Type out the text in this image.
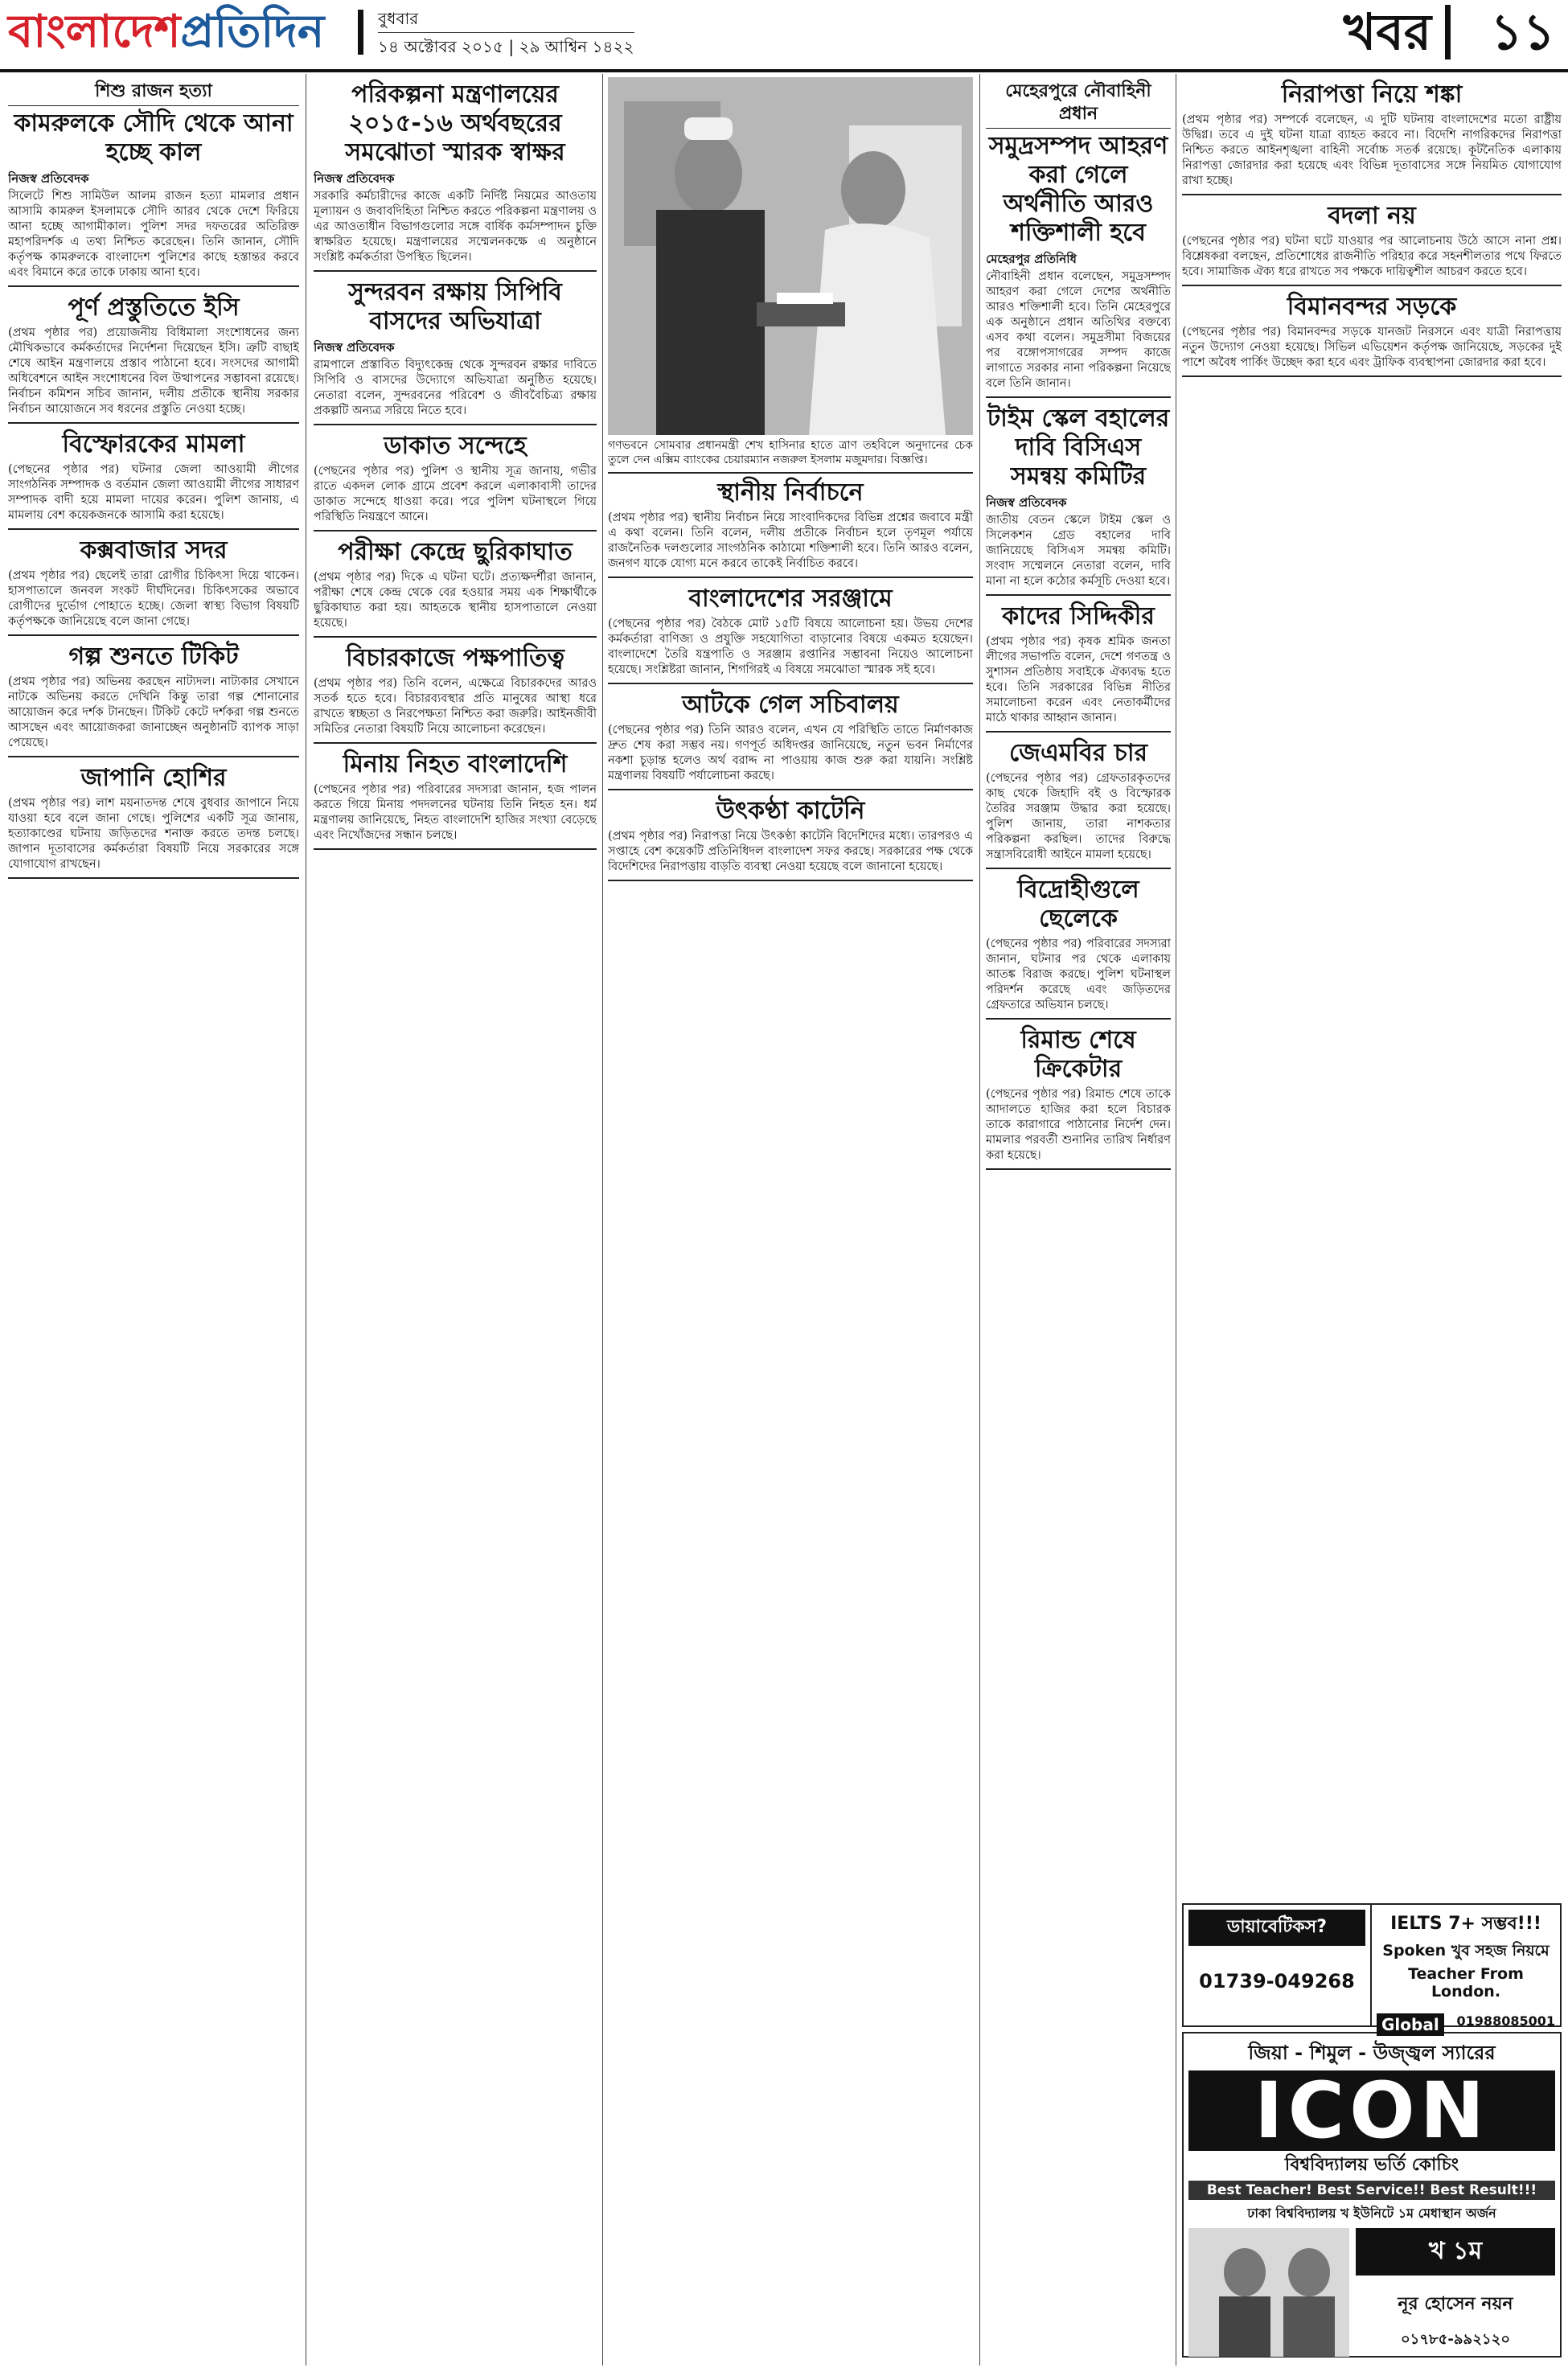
বাংলাদেশপ্রতিদিন	বুধবার
১৪ অক্টোবর ২০১৫ | ২৯ আশ্বিন ১৪২২	খবর ১১
শিশু রাজন হত্যা
কামরুলকে সৌদি থেকে আনা হচ্ছে কাল
নিজস্ব প্রতিবেদক

সিলেটে শিশু সামিউল আলম রাজন হত্যা মামলার প্রধান আসামি কামরুল ইসলামকে সৌদি আরব থেকে দেশে ফিরিয়ে আনা হচ্ছে আগামীকাল। পুলিশ সদর দফতরের অতিরিক্ত মহাপরিদর্শক এ তথ্য নিশ্চিত করেছেন। তিনি জানান, সৌদি কর্তৃপক্ষ কামরুলকে বাংলাদেশ পুলিশের কাছে হস্তান্তর করবে এবং বিমানে করে তাকে ঢাকায় আনা হবে।

পূর্ণ প্রস্তুতিতে ইসি

(প্রথম পৃষ্ঠার পর) প্রয়োজনীয় বিধিমালা সংশোধনের জন্য মৌখিকভাবে কর্মকর্তাদের নির্দেশনা দিয়েছেন ইসি। ত্রুটি বাছাই শেষে আইন মন্ত্রণালয়ে প্রস্তাব পাঠানো হবে। সংসদের আগামী অধিবেশনে আইন সংশোধনের বিল উত্থাপনের সম্ভাবনা রয়েছে। নির্বাচন কমিশন সচিব জানান, দলীয় প্রতীকে স্থানীয় সরকার নির্বাচন আয়োজনে সব ধরনের প্রস্তুতি নেওয়া হচ্ছে।

বিস্ফোরকের মামলা

(পেছনের পৃষ্ঠার পর) ঘটনার জেলা আওয়ামী লীগের সাংগঠনিক সম্পাদক ও বর্তমান জেলা আওয়ামী লীগের সাধারণ সম্পাদক বাদী হয়ে মামলা দায়ের করেন। পুলিশ জানায়, এ মামলায় বেশ কয়েকজনকে আসামি করা হয়েছে।

কক্সবাজার সদর

(প্রথম পৃষ্ঠার পর) ছেলেই তারা রোগীর চিকিৎসা দিয়ে থাকেন। হাসপাতালে জনবল সংকট দীর্ঘদিনের। চিকিৎসকের অভাবে রোগীদের দুর্ভোগ পোহাতে হচ্ছে। জেলা স্বাস্থ্য বিভাগ বিষয়টি কর্তৃপক্ষকে জানিয়েছে বলে জানা গেছে।

গল্প শুনতে টিকিট

(প্রথম পৃষ্ঠার পর) অভিনয় করছেন নাট্যদল। নাট্যকার সেখানে নাটকে অভিনয় করতে দেখিনি কিন্তু তারা গল্প শোনানোর আয়োজন করে দর্শক টানছেন। টিকিট কেটে দর্শকরা গল্প শুনতে আসছেন এবং আয়োজকরা জানাচ্ছেন অনুষ্ঠানটি ব্যাপক সাড়া পেয়েছে।

জাপানি হোশির

(প্রথম পৃষ্ঠার পর) লাশ ময়নাতদন্ত শেষে বুধবার জাপানে নিয়ে যাওয়া হবে বলে জানা গেছে। পুলিশের একটি সূত্র জানায়, হত্যাকাণ্ডের ঘটনায় জড়িতদের শনাক্ত করতে তদন্ত চলছে। জাপান দূতাবাসের কর্মকর্তারা বিষয়টি নিয়ে সরকারের সঙ্গে যোগাযোগ রাখছেন।

পরিকল্পনা মন্ত্রণালয়ের ২০১৫-১৬ অর্থবছরের সমঝোতা স্মারক স্বাক্ষর
নিজস্ব প্রতিবেদক

সরকারি কর্মচারীদের কাজে একটি নির্দিষ্ট নিয়মের আওতায় মূল্যায়ন ও জবাবদিহিতা নিশ্চিত করতে পরিকল্পনা মন্ত্রণালয় ও এর আওতাধীন বিভাগগুলোর সঙ্গে বার্ষিক কর্মসম্পাদন চুক্তি স্বাক্ষরিত হয়েছে। মন্ত্রণালয়ের সম্মেলনকক্ষে এ অনুষ্ঠানে সংশ্লিষ্ট কর্মকর্তারা উপস্থিত ছিলেন।

সুন্দরবন রক্ষায় সিপিবি বাসদের অভিযাত্রা
নিজস্ব প্রতিবেদক

রামপালে প্রস্তাবিত বিদ্যুৎকেন্দ্র থেকে সুন্দরবন রক্ষার দাবিতে সিপিবি ও বাসদের উদ্যোগে অভিযাত্রা অনুষ্ঠিত হয়েছে। নেতারা বলেন, সুন্দরবনের পরিবেশ ও জীববৈচিত্র্য রক্ষায় প্রকল্পটি অন্যত্র সরিয়ে নিতে হবে।

ডাকাত সন্দেহে

(পেছনের পৃষ্ঠার পর) পুলিশ ও স্থানীয় সূত্র জানায়, গভীর রাতে একদল লোক গ্রামে প্রবেশ করলে এলাকাবাসী তাদের ডাকাত সন্দেহে ধাওয়া করে। পরে পুলিশ ঘটনাস্থলে গিয়ে পরিস্থিতি নিয়ন্ত্রণে আনে।

পরীক্ষা কেন্দ্রে ছুরিকাঘাত

(প্রথম পৃষ্ঠার পর) দিকে এ ঘটনা ঘটে। প্রত্যক্ষদর্শীরা জানান, পরীক্ষা শেষে কেন্দ্র থেকে বের হওয়ার সময় এক শিক্ষার্থীকে ছুরিকাঘাত করা হয়। আহতকে স্থানীয় হাসপাতালে নেওয়া হয়েছে।

বিচারকাজে পক্ষপাতিত্ব

(প্রথম পৃষ্ঠার পর) তিনি বলেন, এক্ষেত্রে বিচারকদের আরও সতর্ক হতে হবে। বিচারব্যবস্থার প্রতি মানুষের আস্থা ধরে রাখতে স্বচ্ছতা ও নিরপেক্ষতা নিশ্চিত করা জরুরি। আইনজীবী সমিতির নেতারা বিষয়টি নিয়ে আলোচনা করেছেন।

মিনায় নিহত বাংলাদেশি

(পেছনের পৃষ্ঠার পর) পরিবারের সদস্যরা জানান, হজ পালন করতে গিয়ে মিনায় পদদলনের ঘটনায় তিনি নিহত হন। ধর্ম মন্ত্রণালয় জানিয়েছে, নিহত বাংলাদেশি হাজির সংখ্যা বেড়েছে এবং নিখোঁজদের সন্ধান চলছে।

গণভবনে সোমবার প্রধানমন্ত্রী শেখ হাসিনার হাতে ত্রাণ তহবিলে অনুদানের চেক তুলে দেন এক্সিম ব্যাংকের চেয়ারম্যান নজরুল ইসলাম মজুমদার। বিজ্ঞপ্তি।
স্থানীয় নির্বাচনে

(প্রথম পৃষ্ঠার পর) স্থানীয় নির্বাচন নিয়ে সাংবাদিকদের বিভিন্ন প্রশ্নের জবাবে মন্ত্রী এ কথা বলেন। তিনি বলেন, দলীয় প্রতীকে নির্বাচন হলে তৃণমূল পর্যায়ে রাজনৈতিক দলগুলোর সাংগঠনিক কাঠামো শক্তিশালী হবে। তিনি আরও বলেন, জনগণ যাকে যোগ্য মনে করবে তাকেই নির্বাচিত করবে।

বাংলাদেশের সরঞ্জামে

(পেছনের পৃষ্ঠার পর) বৈঠকে মোট ১৫টি বিষয়ে আলোচনা হয়। উভয় দেশের কর্মকর্তারা বাণিজ্য ও প্রযুক্তি সহযোগিতা বাড়ানোর বিষয়ে একমত হয়েছেন। বাংলাদেশে তৈরি যন্ত্রপাতি ও সরঞ্জাম রপ্তানির সম্ভাবনা নিয়েও আলোচনা হয়েছে। সংশ্লিষ্টরা জানান, শিগগিরই এ বিষয়ে সমঝোতা স্মারক সই হবে।

আটকে গেল সচিবালয়

(পেছনের পৃষ্ঠার পর) তিনি আরও বলেন, এখন যে পরিস্থিতি তাতে নির্মাণকাজ দ্রুত শেষ করা সম্ভব নয়। গণপূর্ত অধিদপ্তর জানিয়েছে, নতুন ভবন নির্মাণের নকশা চূড়ান্ত হলেও অর্থ বরাদ্দ না পাওয়ায় কাজ শুরু করা যায়নি। সংশ্লিষ্ট মন্ত্রণালয় বিষয়টি পর্যালোচনা করছে।

উৎকণ্ঠা কাটেনি

(প্রথম পৃষ্ঠার পর) নিরাপত্তা নিয়ে উৎকণ্ঠা কাটেনি বিদেশিদের মধ্যে। তারপরও এ সপ্তাহে বেশ কয়েকটি প্রতিনিধিদল বাংলাদেশ সফর করছে। সরকারের পক্ষ থেকে বিদেশিদের নিরাপত্তায় বাড়তি ব্যবস্থা নেওয়া হয়েছে বলে জানানো হয়েছে।

মেহেরপুরে নৌবাহিনী প্রধান
সমুদ্রসম্পদ আহরণ করা গেলে অর্থনীতি আরও শক্তিশালী হবে
মেহেরপুর প্রতিনিধি

নৌবাহিনী প্রধান বলেছেন, সমুদ্রসম্পদ আহরণ করা গেলে দেশের অর্থনীতি আরও শক্তিশালী হবে। তিনি মেহেরপুরে এক অনুষ্ঠানে প্রধান অতিথির বক্তব্যে এসব কথা বলেন। সমুদ্রসীমা বিজয়ের পর বঙ্গোপসাগরের সম্পদ কাজে লাগাতে সরকার নানা পরিকল্পনা নিয়েছে বলে তিনি জানান।

টাইম স্কেল বহালের দাবি বিসিএস সমন্বয় কমিটির
নিজস্ব প্রতিবেদক

জাতীয় বেতন স্কেলে টাইম স্কেল ও সিলেকশন গ্রেড বহালের দাবি জানিয়েছে বিসিএস সমন্বয় কমিটি। সংবাদ সম্মেলনে নেতারা বলেন, দাবি মানা না হলে কঠোর কর্মসূচি দেওয়া হবে।

কাদের সিদ্দিকীর

(প্রথম পৃষ্ঠার পর) কৃষক শ্রমিক জনতা লীগের সভাপতি বলেন, দেশে গণতন্ত্র ও সুশাসন প্রতিষ্ঠায় সবাইকে ঐক্যবদ্ধ হতে হবে। তিনি সরকারের বিভিন্ন নীতির সমালোচনা করেন এবং নেতাকর্মীদের মাঠে থাকার আহ্বান জানান।

জেএমবির চার

(পেছনের পৃষ্ঠার পর) গ্রেফতারকৃতদের কাছ থেকে জিহাদি বই ও বিস্ফোরক তৈরির সরঞ্জাম উদ্ধার করা হয়েছে। পুলিশ জানায়, তারা নাশকতার পরিকল্পনা করছিল। তাদের বিরুদ্ধে সন্ত্রাসবিরোধী আইনে মামলা হয়েছে।

বিদ্রোহীগুলে ছেলেকে

(পেছনের পৃষ্ঠার পর) পরিবারের সদস্যরা জানান, ঘটনার পর থেকে এলাকায় আতঙ্ক বিরাজ করছে। পুলিশ ঘটনাস্থল পরিদর্শন করেছে এবং জড়িতদের গ্রেফতারে অভিযান চলছে।

রিমান্ড শেষে ক্রিকেটার

(পেছনের পৃষ্ঠার পর) রিমান্ড শেষে তাকে আদালতে হাজির করা হলে বিচারক তাকে কারাগারে পাঠানোর নির্দেশ দেন। মামলার পরবর্তী শুনানির তারিখ নির্ধারণ করা হয়েছে।

নিরাপত্তা নিয়ে শঙ্কা

(প্রথম পৃষ্ঠার পর) সম্পর্কে বলেছেন, এ দুটি ঘটনায় বাংলাদেশের মতো রাষ্ট্রীয় উদ্বিগ্ন। তবে এ দুই ঘটনা যাত্রা ব্যাহত করবে না। বিদেশি নাগরিকদের নিরাপত্তা নিশ্চিত করতে আইনশৃঙ্খলা বাহিনী সর্বোচ্চ সতর্ক রয়েছে। কূটনৈতিক এলাকায় নিরাপত্তা জোরদার করা হয়েছে এবং বিভিন্ন দূতাবাসের সঙ্গে নিয়মিত যোগাযোগ রাখা হচ্ছে।

বদলা নয়

(পেছনের পৃষ্ঠার পর) ঘটনা ঘটে যাওয়ার পর আলোচনায় উঠে আসে নানা প্রশ্ন। বিশ্লেষকরা বলছেন, প্রতিশোধের রাজনীতি পরিহার করে সহনশীলতার পথে ফিরতে হবে। সামাজিক ঐক্য ধরে রাখতে সব পক্ষকে দায়িত্বশীল আচরণ করতে হবে।

বিমানবন্দর সড়কে

(পেছনের পৃষ্ঠার পর) বিমানবন্দর সড়কে যানজট নিরসনে এবং যাত্রী নিরাপত্তায় নতুন উদ্যোগ নেওয়া হয়েছে। সিভিল এভিয়েশন কর্তৃপক্ষ জানিয়েছে, সড়কের দুই পাশে অবৈধ পার্কিং উচ্ছেদ করা হবে এবং ট্রাফিক ব্যবস্থাপনা জোরদার করা হবে।

ডায়াবেটিকস?
01739-049268
IELTS 7+ সম্ভব!!!
Spoken খুব সহজ নিয়মে
Teacher From London.
Global	01988085001
জিয়া - শিমুল - উজ্জ্বল স্যারের
ICON
বিশ্ববিদ্যালয় ভর্তি কোচিং
Best Teacher! Best Service!! Best Result!!!
ঢাকা বিশ্ববিদ্যালয় খ ইউনিটে ১ম মেধাস্থান অর্জন
খ ১ম
নূর হোসেন নয়ন
০১৭৮৫-৯৯২১২০
